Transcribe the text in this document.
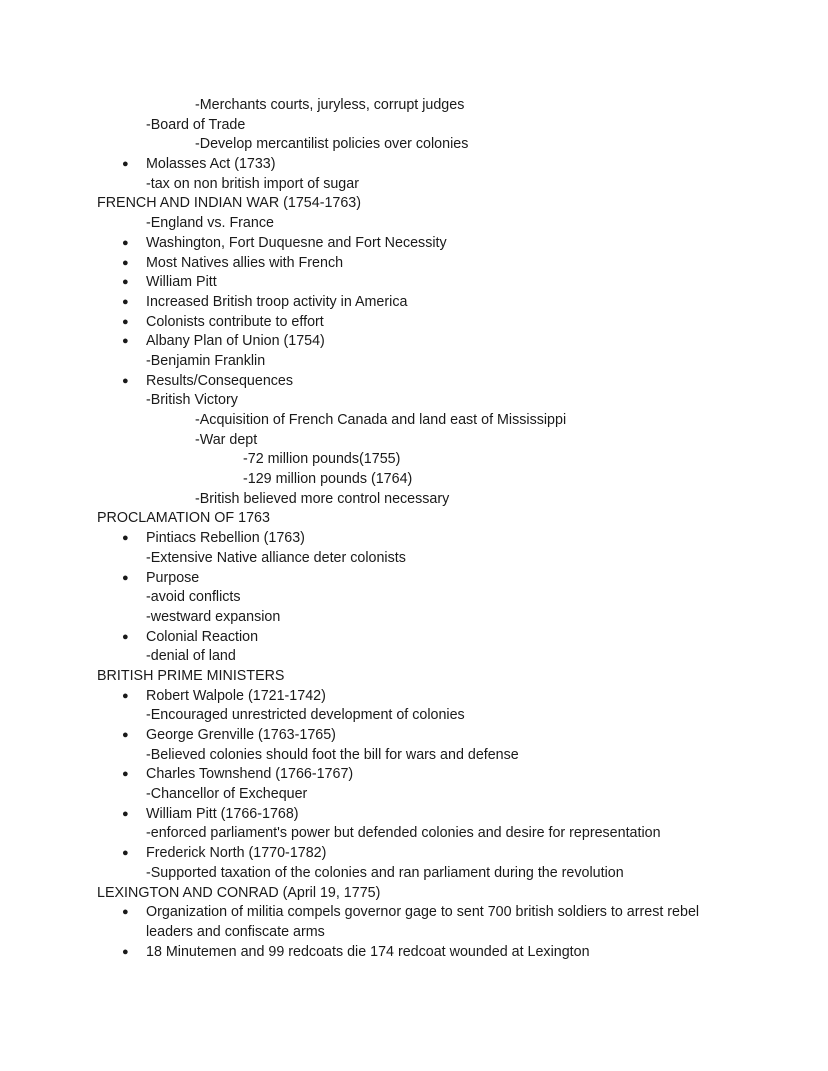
-Merchants courts, juryless, corrupt judges
-Board of Trade
-Develop mercantilist policies over colonies
● Molasses Act (1733)
-tax on non british import of sugar
FRENCH AND INDIAN WAR (1754-1763)
-England vs. France
● Washington, Fort Duquesne and Fort Necessity
● Most Natives allies with French
● William Pitt
● Increased British troop activity in America
● Colonists contribute to effort
● Albany Plan of Union (1754)
-Benjamin Franklin
● Results/Consequences
-British Victory
-Acquisition of French Canada and land east of Mississippi
-War dept
-72 million pounds(1755)
-129 million pounds (1764)
-British believed more control necessary
PROCLAMATION OF 1763
● Pintiacs Rebellion (1763)
-Extensive Native alliance deter colonists
● Purpose
-avoid conflicts
-westward expansion
● Colonial Reaction
-denial of land
BRITISH PRIME MINISTERS
● Robert Walpole (1721-1742)
-Encouraged unrestricted development of colonies
● George Grenville (1763-1765)
-Believed colonies should foot the bill for wars and defense
● Charles Townshend (1766-1767)
-Chancellor of Exchequer
● William Pitt (1766-1768)
-enforced parliament's power but defended colonies and desire for representation
● Frederick North (1770-1782)
-Supported taxation of the colonies and ran parliament during the revolution
LEXINGTON AND CONRAD (April 19, 1775)
● Organization of militia compels governor gage to sent 700 british soldiers to arrest rebel leaders and confiscate arms
● 18 Minutemen and 99 redcoats die 174 redcoat wounded at Lexington
